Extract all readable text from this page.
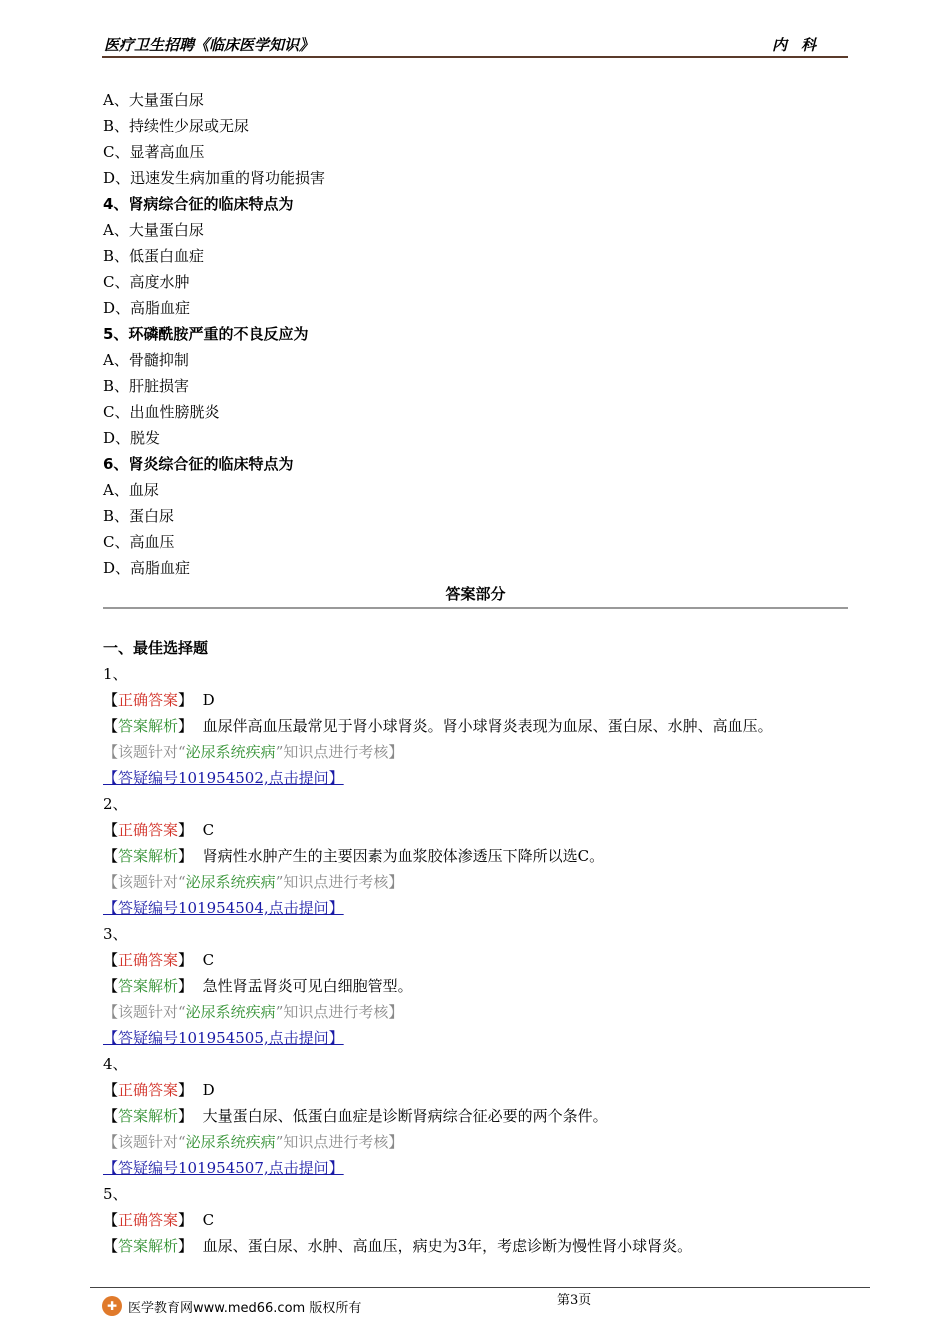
医疗卫生招聘《临床医学知识》	内科
A、大量蛋白尿
B、持续性少尿或无尿
C、显著高血压
D、迅速发生病加重的肾功能损害
4、肾病综合征的临床特点为
A、大量蛋白尿
B、低蛋白血症
C、高度水肿
D、高脂血症
5、环磷酰胺严重的不良反应为
A、骨髓抑制
B、肝脏损害
C、出血性膀胱炎
D、脱发
6、肾炎综合征的临床特点为
A、血尿
B、蛋白尿
C、高血压
D、高脂血症
答案部分
一、最佳选择题
1、
【正确答案】 D
【答案解析】 血尿伴高血压最常见于肾小球肾炎。肾小球肾炎表现为血尿、蛋白尿、水肿、高血压。
【该题针对“泌尿系统疾病”知识点进行考核】
【答疑编号101954502,点击提问】
2、
【正确答案】 C
【答案解析】 肾病性水肿产生的主要因素为血浆胶体渗透压下降所以选C。
【该题针对“泌尿系统疾病”知识点进行考核】
【答疑编号101954504,点击提问】
3、
【正确答案】 C
【答案解析】 急性肾盂肾炎可见白细胞管型。
【该题针对“泌尿系统疾病”知识点进行考核】
【答疑编号101954505,点击提问】
4、
【正确答案】 D
【答案解析】 大量蛋白尿、低蛋白血症是诊断肾病综合征必要的两个条件。
【该题针对“泌尿系统疾病”知识点进行考核】
【答疑编号101954507,点击提问】
5、
【正确答案】 C
【答案解析】 血尿、蛋白尿、水肿、高血压，病史为3年，考虑诊断为慢性肾小球肾炎。
第3页
✚ 医学教育网www.med66.com 版权所有
